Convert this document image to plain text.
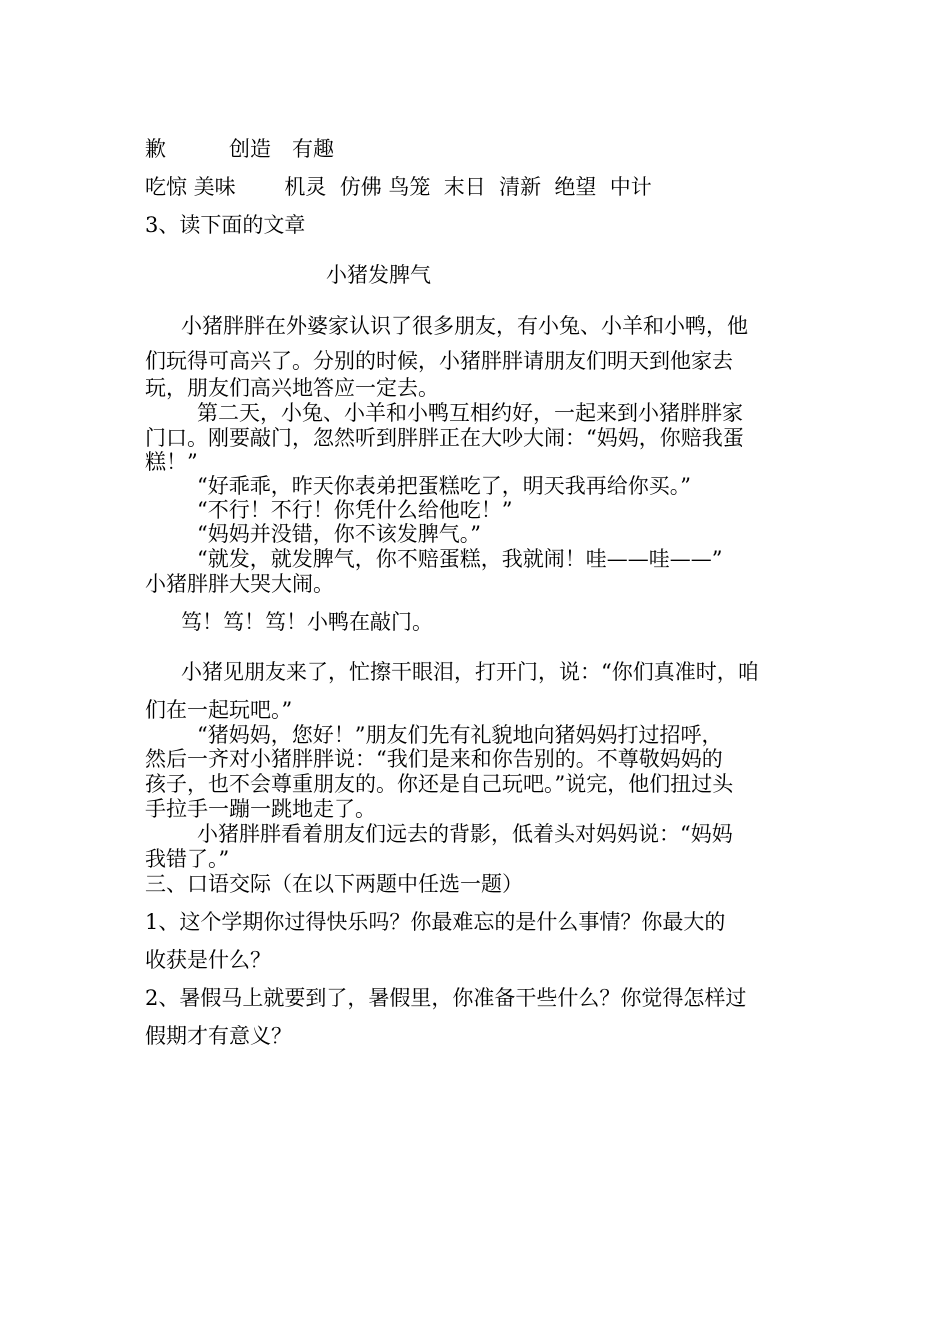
歉　　　创造　有趣
吃惊 美味　　 机灵  仿佛 鸟笼  末日  清新  绝望  中计
3、读下面的文章
小猪发脾气
小猪胖胖在外婆家认识了很多朋友，有小兔、小羊和小鸭，他
们玩得可高兴了。分别的时候，小猪胖胖请朋友们明天到他家去
玩，朋友们高兴地答应一定去。
第二天，小兔、小羊和小鸭互相约好，一起来到小猪胖胖家
门口。刚要敲门，忽然听到胖胖正在大吵大闹：“妈妈，你赔我蛋
糕！”
“好乖乖，昨天你表弟把蛋糕吃了，明天我再给你买。”
“不行！不行！你凭什么给他吃！”
“妈妈并没错，你不该发脾气。”
“就发，就发脾气，你不赔蛋糕，我就闹！哇——哇——”
小猪胖胖大哭大闹。
笃！笃！笃！小鸭在敲门。
小猪见朋友来了，忙擦干眼泪，打开门，说：“你们真准时，咱
们在一起玩吧。”
“猪妈妈，您好！”朋友们先有礼貌地向猪妈妈打过招呼，
然后一齐对小猪胖胖说：“我们是来和你告别的。不尊敬妈妈的
孩子，也不会尊重朋友的。你还是自己玩吧。”说完，他们扭过头
手拉手一蹦一跳地走了。
小猪胖胖看着朋友们远去的背影，低着头对妈妈说：“妈妈
我错了。”
三、口语交际（在以下两题中任选一题）
1、这个学期你过得快乐吗？你最难忘的是什么事情？你最大的
收获是什么？
2、暑假马上就要到了，暑假里，你准备干些什么？你觉得怎样过
假期才有意义？
